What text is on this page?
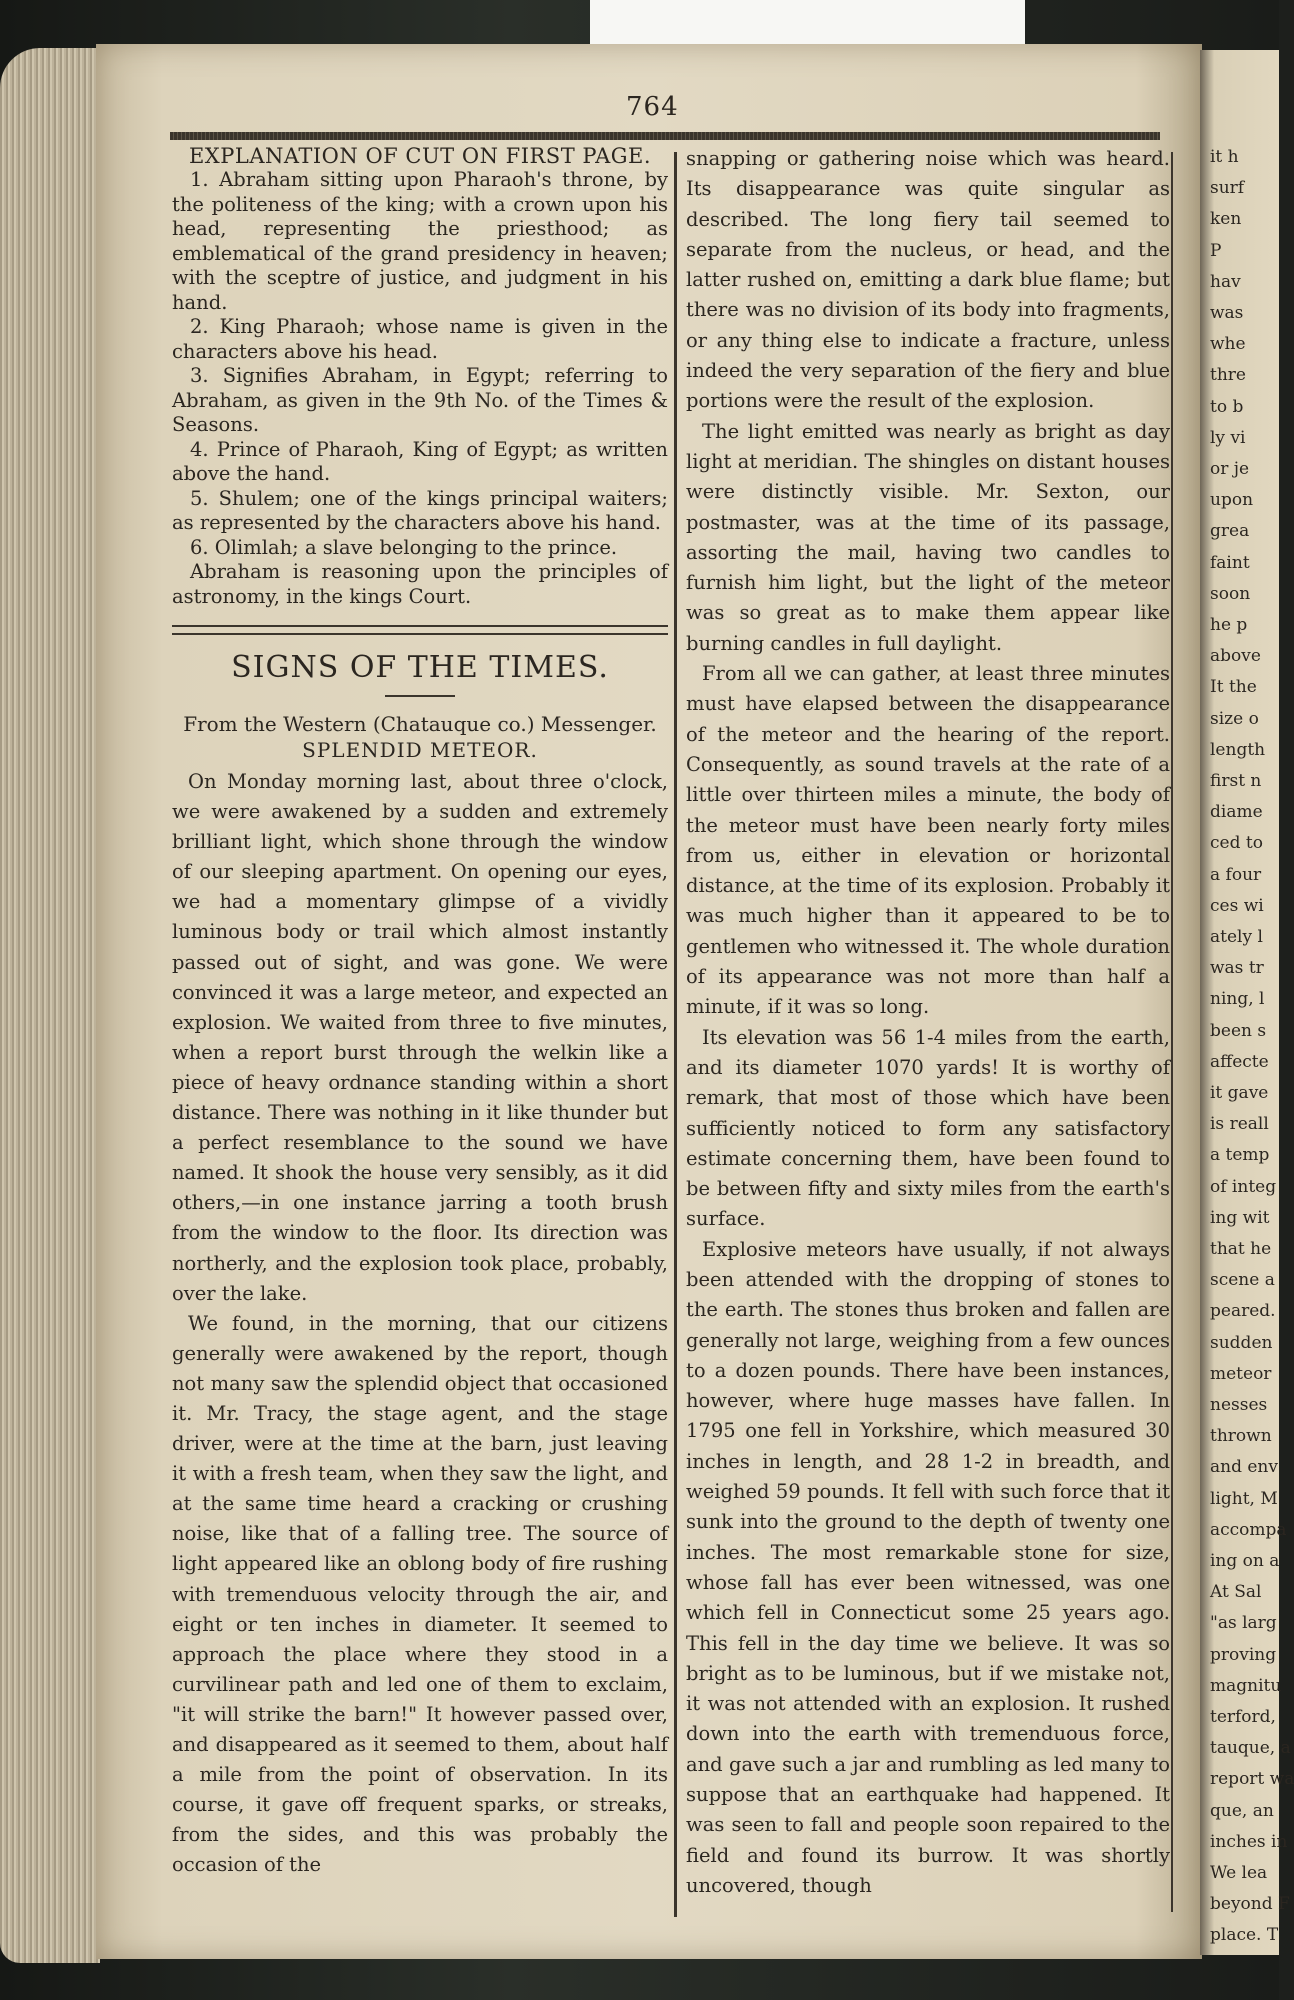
it h
surf
ken
P
hav
was
whe
thre
to b
ly vi
or je
upon
grea
faint
soon
he p
above
It the
size o
length
first n
diame
ced to
a four
ces wi
ately l
was tr
ning, l
been s
affecte
it gave
is reall
a temp
of integ
ing wit
that he
scene a
peared.
sudden
meteor
nesses
thrown
and env
light, M
accompa
ing on a
At Sal
"as larg
proving
magnitu
terford,
tauque, a
report wa
que, an
inches in
We lea
beyond F
place. T
764
EXPLANATION OF CUT ON FIRST PAGE.

1. Abraham sitting upon Pharaoh's throne, by the politeness of the king; with a crown upon his head, representing the priesthood; as emblematical of the grand presidency in heaven; with the sceptre of justice, and judgment in his hand.

2. King Pharaoh; whose name is given in the characters above his head.

3. Signifies Abraham, in Egypt; referring to Abraham, as given in the 9th No. of the Times & Seasons.

4. Prince of Pharaoh, King of Egypt; as written above the hand.

5. Shulem; one of the kings principal waiters; as represented by the characters above his hand.

6. Olimlah; a slave belonging to the prince.

Abraham is reasoning upon the principles of astronomy, in the kings Court.

SIGNS OF THE TIMES.
From the Western (Chatauque co.) Messenger.
SPLENDID METEOR.

On Monday morning last, about three o'clock, we were awakened by a sudden and extremely brilliant light, which shone through the window of our sleeping apartment. On opening our eyes, we had a momentary glimpse of a vividly luminous body or trail which almost instantly passed out of sight, and was gone. We were convinced it was a large meteor, and expected an explosion. We waited from three to five minutes, when a report burst through the welkin like a piece of heavy ordnance standing within a short distance. There was nothing in it like thunder but a perfect resemblance to the sound we have named. It shook the house very sensibly, as it did others,—in one instance jarring a tooth brush from the window to the floor. Its direction was northerly, and the explosion took place, probably, over the lake.

We found, in the morning, that our citizens generally were awakened by the report, though not many saw the splendid object that occasioned it. Mr. Tracy, the stage agent, and the stage driver, were at the time at the barn, just leaving it with a fresh team, when they saw the light, and at the same time heard a cracking or crushing noise, like that of a falling tree. The source of light appeared like an oblong body of fire rushing with tremenduous velocity through the air, and eight or ten inches in diameter. It seemed to approach the place where they stood in a curvilinear path and led one of them to exclaim, "it will strike the barn!" It however passed over, and disappeared as it seemed to them, about half a mile from the point of observation. In its course, it gave off frequent sparks, or streaks, from the sides, and this was probably the occasion of the

snapping or gathering noise which was heard. Its disappearance was quite singular as described. The long fiery tail seemed to separate from the nucleus, or head, and the latter rushed on, emitting a dark blue flame; but there was no division of its body into fragments, or any thing else to indicate a fracture, unless indeed the very separation of the fiery and blue portions were the result of the explosion.

The light emitted was nearly as bright as day light at meridian. The shingles on distant houses were distinctly visible. Mr. Sexton, our postmaster, was at the time of its passage, assorting the mail, having two candles to furnish him light, but the light of the meteor was so great as to make them appear like burning candles in full daylight.

From all we can gather, at least three minutes must have elapsed between the disappearance of the meteor and the hearing of the report. Consequently, as sound travels at the rate of a little over thirteen miles a minute, the body of the meteor must have been nearly forty miles from us, either in elevation or horizontal distance, at the time of its explosion. Probably it was much higher than it appeared to be to gentlemen who witnessed it. The whole duration of its appearance was not more than half a minute, if it was so long.

Its elevation was 56 1-4 miles from the earth, and its diameter 1070 yards! It is worthy of remark, that most of those which have been sufficiently noticed to form any satisfactory estimate concerning them, have been found to be between fifty and sixty miles from the earth's surface.

Explosive meteors have usually, if not always been attended with the dropping of stones to the earth. The stones thus broken and fallen are generally not large, weighing from a few ounces to a dozen pounds. There have been instances, however, where huge masses have fallen. In 1795 one fell in Yorkshire, which measured 30 inches in length, and 28 1-2 in breadth, and weighed 59 pounds. It fell with such force that it sunk into the ground to the depth of twenty one inches. The most remarkable stone for size, whose fall has ever been witnessed, was one which fell in Connecticut some 25 years ago. This fell in the day time we believe. It was so bright as to be luminous, but if we mistake not, it was not attended with an explosion. It rushed down into the earth with tremenduous force, and gave such a jar and rumbling as led many to suppose that an earthquake had happened. It was seen to fall and people soon repaired to the field and found its burrow. It was shortly uncovered, though
